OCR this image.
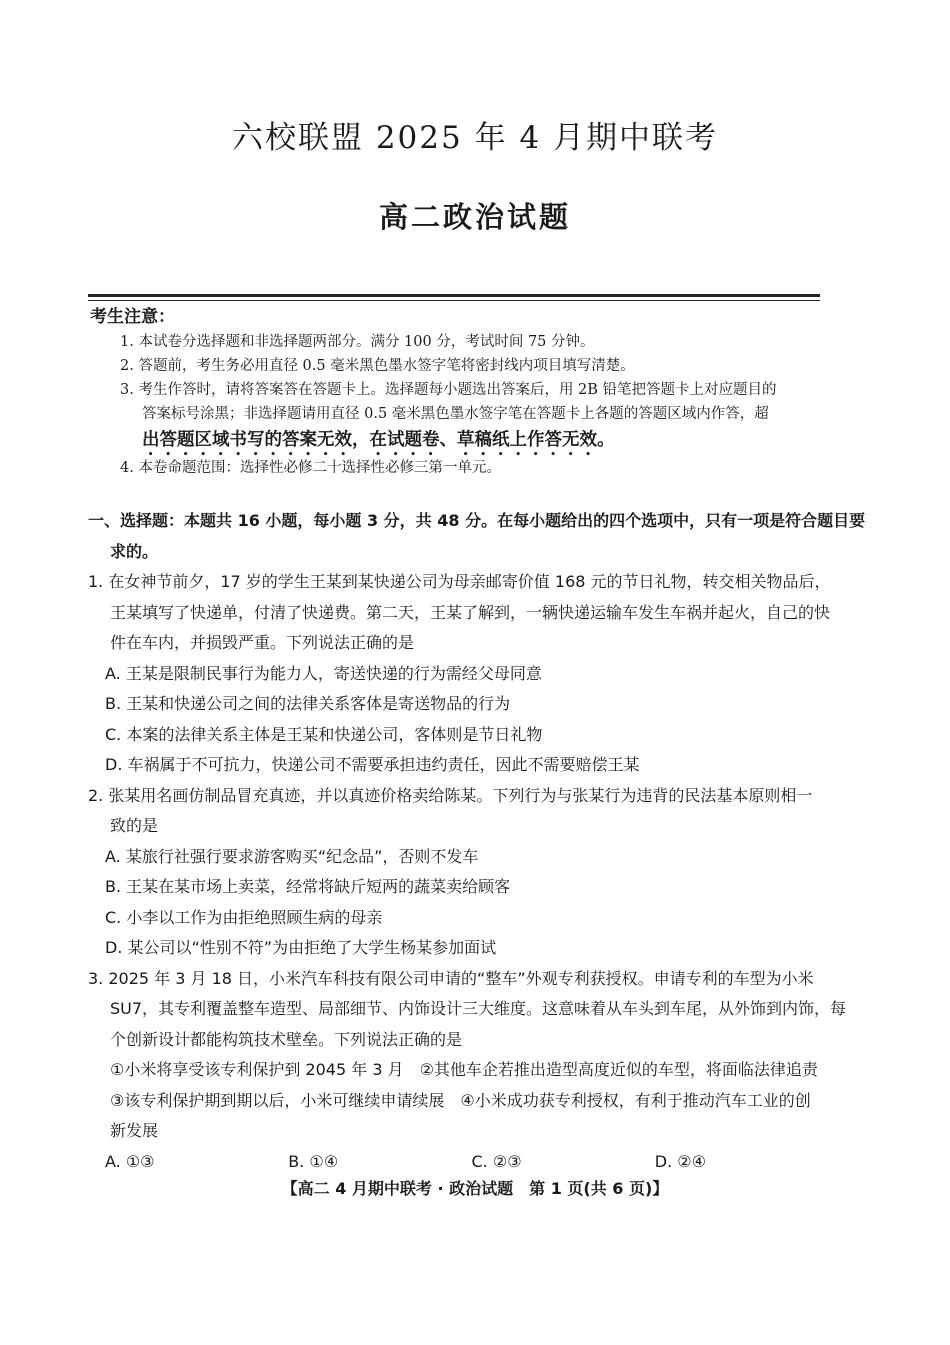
六校联盟 2025 年 4 月期中联考
高二政治试题
考生注意：
1. 本试卷分选择题和非选择题两部分。满分 100 分，考试时间 75 分钟。
2. 答题前，考生务必用直径 0.5 毫米黑色墨水签字笔将密封线内项目填写清楚。
3. 考生作答时，请将答案答在答题卡上。选择题每小题选出答案后，用 2B 铅笔把答题卡上对应题目的
答案标号涂黑；非选择题请用直径 0.5 毫米黑色墨水签字笔在答题卡上各题的答题区域内作答，超
出答题区域书写的答案无效，在试题卷、草稿纸上作答无效。
4. 本卷命题范围：选择性必修二十选择性必修三第一单元。
一、选择题：本题共 16 小题，每小题 3 分，共 48 分。在每小题给出的四个选项中，只有一项是符合题目要
求的。
1. 在女神节前夕，17 岁的学生王某到某快递公司为母亲邮寄价值 168 元的节日礼物，转交相关物品后，
王某填写了快递单，付清了快递费。第二天，王某了解到，一辆快递运输车发生车祸并起火，自己的快
件在车内，并损毁严重。下列说法正确的是
A. 王某是限制民事行为能力人，寄送快递的行为需经父母同意
B. 王某和快递公司之间的法律关系客体是寄送物品的行为
C. 本案的法律关系主体是王某和快递公司，客体则是节日礼物
D. 车祸属于不可抗力，快递公司不需要承担违约责任，因此不需要赔偿王某
2. 张某用名画仿制品冒充真迹，并以真迹价格卖给陈某。下列行为与张某行为违背的民法基本原则相一
致的是
A. 某旅行社强行要求游客购买“纪念品”，否则不发车
B. 王某在某市场上卖菜，经常将缺斤短两的蔬菜卖给顾客
C. 小李以工作为由拒绝照顾生病的母亲
D. 某公司以“性别不符”为由拒绝了大学生杨某参加面试
3. 2025 年 3 月 18 日，小米汽车科技有限公司申请的“整车”外观专利获授权。申请专利的车型为小米
SU7，其专利覆盖整车造型、局部细节、内饰设计三大维度。这意味着从车头到车尾，从外饰到内饰，每
个创新设计都能构筑技术壁垒。下列说法正确的是
①小米将享受该专利保护到 2045 年 3 月　②其他车企若推出造型高度近似的车型，将面临法律追责
③该专利保护期到期以后，小米可继续申请续展　④小米成功获专利授权，有利于推动汽车工业的创
新发展
A. ①③	B. ①④	C. ②③	D. ②④
【高二 4 月期中联考 · 政治试题　第 1 页(共 6 页)】
